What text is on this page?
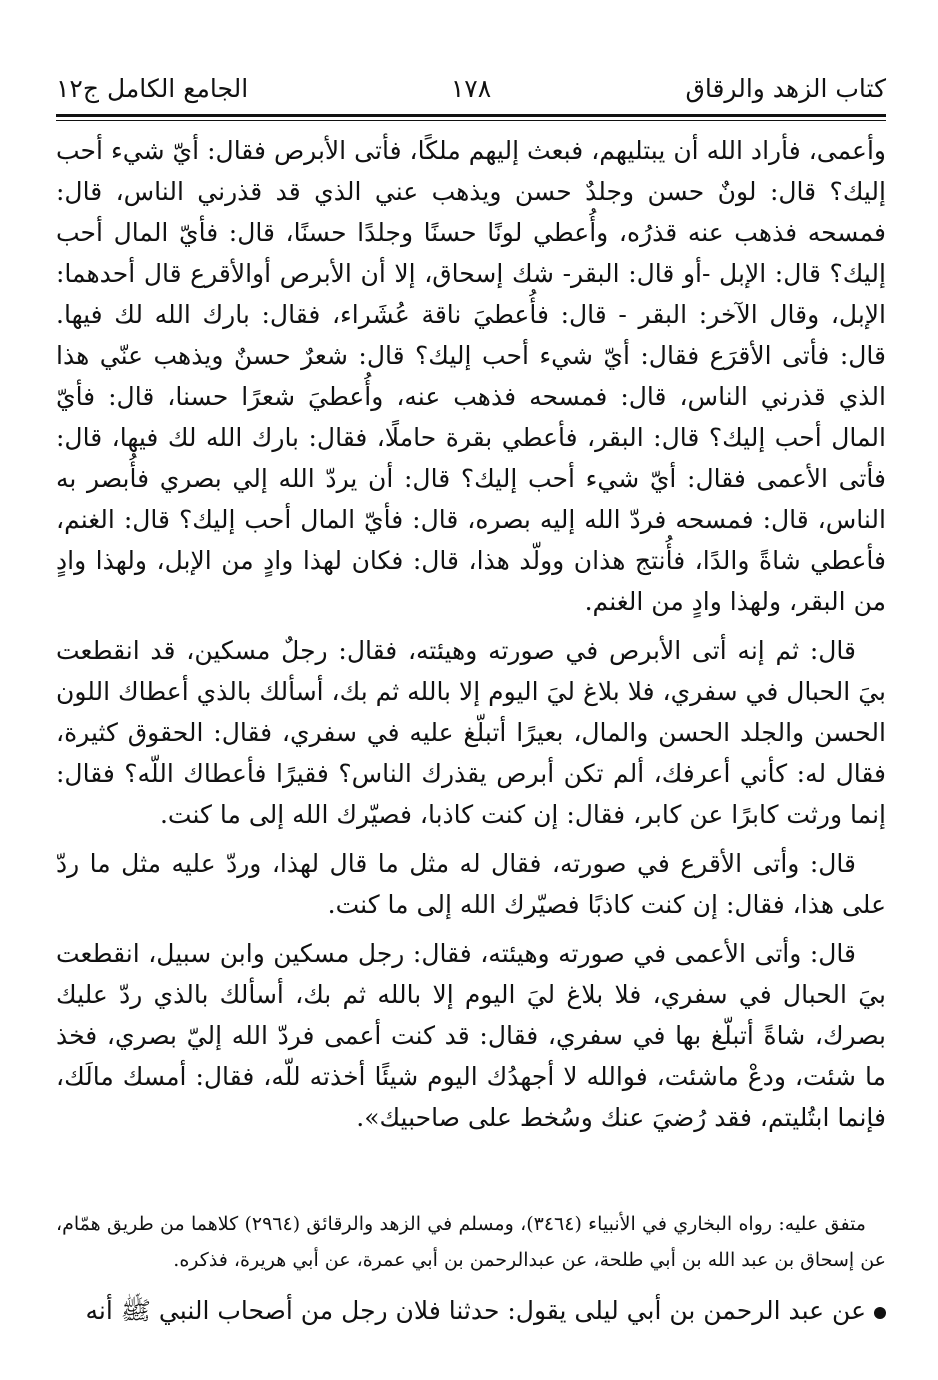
كتاب الزهد والرقاق
١٧٨
الجامع الكامل ج١٢

وأعمى، فأراد الله أن يبتليهم، فبعث إليهم ملكًا، فأتى الأبرص فقال: أيّ شيء أحب إليك؟ قال: لونٌ حسن وجلدٌ حسن ويذهب عني الذي قد قذرني الناس، قال: فمسحه فذهب عنه قذرُه، وأُعطي لونًا حسنًا وجلدًا حسنًا، قال: فأيّ المال أحب إليك؟ قال: الإبل -أو قال: البقر- شك إسحاق، إلا أن الأبرص أوالأقرع قال أحدهما: الإبل، وقال الآخر: البقر - قال: فأُعطيَ ناقة عُشَراء، فقال: بارك الله لك فيها. قال: فأتى الأقرَع فقال: أيّ شيء أحب إليك؟ قال: شعرٌ حسنٌ ويذهب عنّي هذا الذي قذرني الناس، قال: فمسحه فذهب عنه، وأُعطيَ شعرًا حسنا، قال: فأيّ المال أحب إليك؟ قال: البقر، فأعطي بقرة حاملًا، فقال: بارك الله لك فيها، قال: فأتى الأعمى فقال: أيّ شيء أحب إليك؟ قال: أن يردّ الله إلي بصري فأُبصر به الناس، قال: فمسحه فردّ الله إليه بصره، قال: فأيّ المال أحب إليك؟ قال: الغنم، فأعطي شاةً والدًا، فأُنتج هذان وولّد هذا، قال: فكان لهذا وادٍ من الإبل، ولهذا وادٍ من البقر، ولهذا وادٍ من الغنم.

قال: ثم إنه أتى الأبرص في صورته وهيئته، فقال: رجلٌ مسكين، قد انقطعت بيَ الحبال في سفري، فلا بلاغ ليَ اليوم إلا بالله ثم بك، أسألك بالذي أعطاك اللون الحسن والجلد الحسن والمال، بعيرًا أتبلّغ عليه في سفري، فقال: الحقوق كثيرة، فقال له: كأني أعرفك، ألم تكن أبرص يقذرك الناس؟ فقيرًا فأعطاك اللّه؟ فقال: إنما ورثت كابرًا عن كابر، فقال: إن كنت كاذبا، فصيّرك الله إلى ما كنت.

قال: وأتى الأقرع في صورته، فقال له مثل ما قال لهذا، وردّ عليه مثل ما ردّ على هذا، فقال: إن كنت كاذبًا فصيّرك الله إلى ما كنت.

قال: وأتى الأعمى في صورته وهيئته، فقال: رجل مسكين وابن سبيل، انقطعت بيَ الحبال في سفري، فلا بلاغ ليَ اليوم إلا بالله ثم بك، أسألك بالذي ردّ عليك بصرك، شاةً أتبلّغ بها في سفري، فقال: قد كنت أعمى فردّ الله إليّ بصري، فخذ ما شئت، ودعْ ماشئت، فوالله لا أجهدُك اليوم شيئًا أخذته للّه، فقال: أمسك مالَك، فإنما ابتُليتم، فقد رُضيَ عنك وسُخط على صاحبيك».

متفق عليه: رواه البخاري في الأنبياء (٣٤٦٤)، ومسلم في الزهد والرقائق (٢٩٦٤) كلاهما من طريق همّام، عن إسحاق بن عبد الله بن أبي طلحة، عن عبدالرحمن بن أبي عمرة، عن أبي هريرة، فذكره.

عن عبد الرحمن بن أبي ليلى يقول: حدثنا فلان رجل من أصحاب النبي ﷺ أنه
